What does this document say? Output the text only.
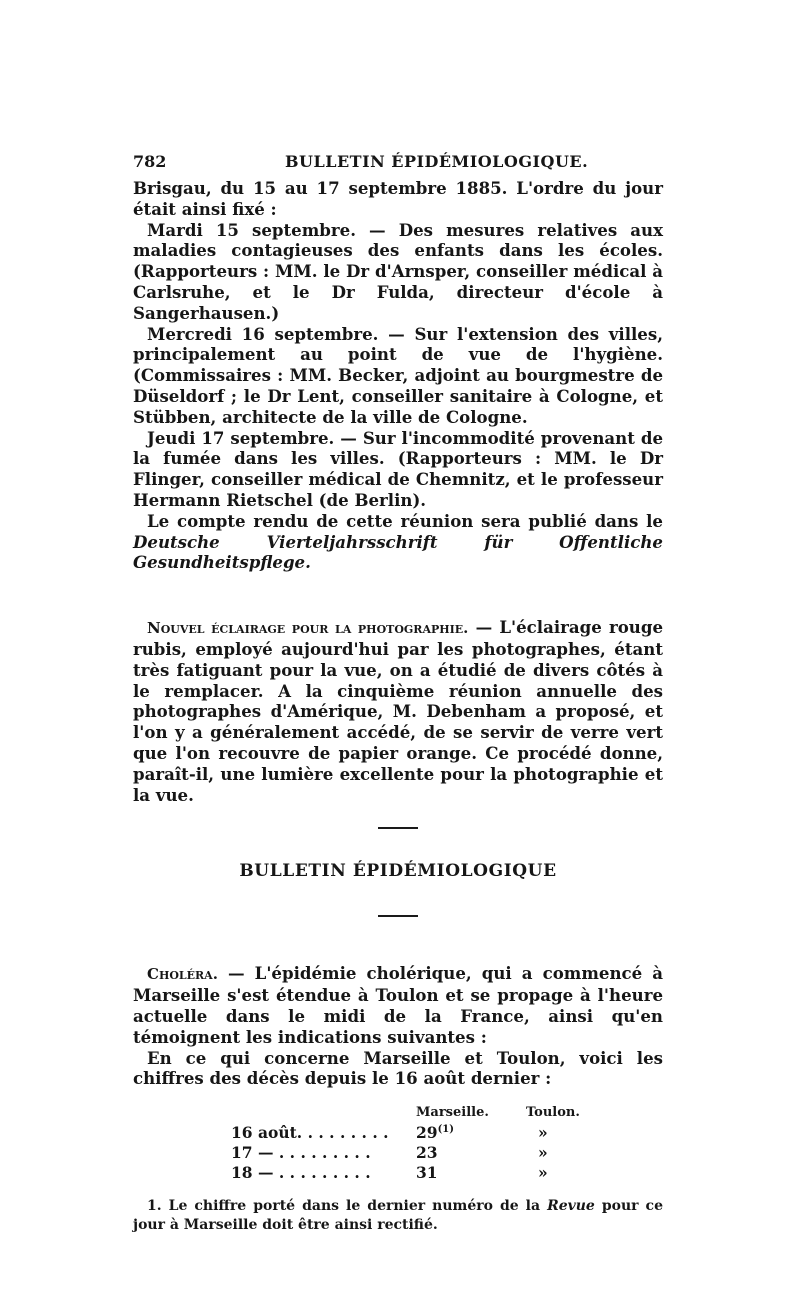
782	BULLETIN ÉPIDÉMIOLOGIQUE.

Brisgau, du 15 au 17 septembre 1885. L'ordre du jour était ainsi fixé :

Mardi 15 septembre. — Des mesures relatives aux maladies contagieuses des enfants dans les écoles. (Rapporteurs : MM. le Dr d'Arnsper, conseiller médical à Carlsruhe, et le Dr Fulda, directeur d'école à Sangerhausen.)

Mercredi 16 septembre. — Sur l'extension des villes, principalement au point de vue de l'hygiène. (Commissaires : MM. Becker, adjoint au bourgmestre de Düseldorf ; le Dr Lent, conseiller sanitaire à Cologne, et Stübben, architecte de la ville de Cologne.

Jeudi 17 septembre. — Sur l'incommodité provenant de la fumée dans les villes. (Rapporteurs : MM. le Dr Flinger, conseiller médical de Chemnitz, et le professeur Hermann Rietschel (de Berlin).

Le compte rendu de cette réunion sera publié dans le Deutsche Vierteljahrsschrift für Offentliche Gesundheitspflege.

Nouvel éclairage pour la photographie. — L'éclairage rouge rubis, employé aujourd'hui par les photographes, étant très fatiguant pour la vue, on a étudié de divers côtés à le remplacer. A la cinquième réunion annuelle des photographes d'Amérique, M. Debenham a proposé, et l'on y a généralement accédé, de se servir de verre vert que l'on recouvre de papier orange. Ce procédé donne, paraît-il, une lumière excellente pour la photographie et la vue.

BULLETIN ÉPIDÉMIOLOGIQUE

Choléra. — L'épidémie cholérique, qui a commencé à Marseille s'est étendue à Toulon et se propage à l'heure actuelle dans le midi de la France, ainsi qu'en témoignent les indications suivantes :

En ce qui concerne Marseille et Toulon, voici les chiffres des décès depuis le 16 août dernier :

	Marseille.	Toulon.
16 août. . . . . . . . .	29$^{(1)}$	»
17 — . . . . . . . . .	23	»
18 — . . . . . . . . .	31	»

1. Le chiffre porté dans le dernier numéro de la Revue pour ce jour à Marseille doit être ainsi rectifié.
